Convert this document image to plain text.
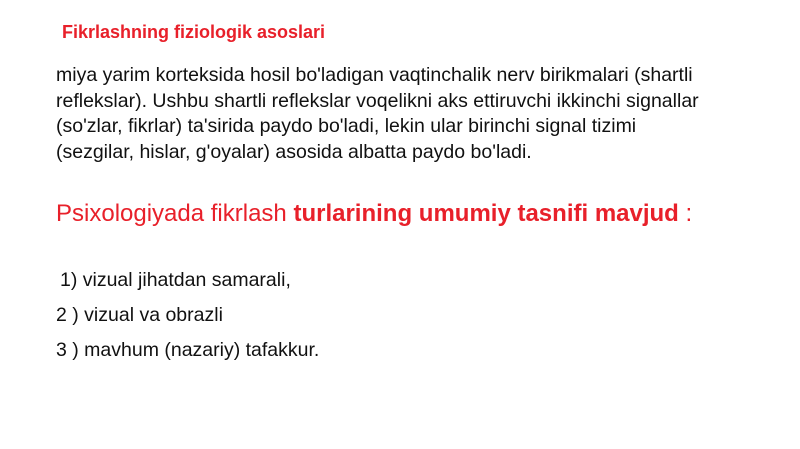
Fikrlashning fiziologik asoslari
miya yarim korteksida hosil bo'ladigan vaqtinchalik nerv birikmalari (shartli reflekslar). Ushbu shartli reflekslar voqelikni aks ettiruvchi ikkinchi signallar (so'zlar, fikrlar) ta'sirida paydo bo'ladi, lekin ular birinchi signal tizimi (sezgilar, hislar, g'oyalar) asosida albatta paydo bo'ladi.
Psixologiyada fikrlash turlarining umumiy tasnifi mavjud :
1) vizual jihatdan samarali,
2 ) vizual va obrazli
3 ) mavhum (nazariy) tafakkur.
